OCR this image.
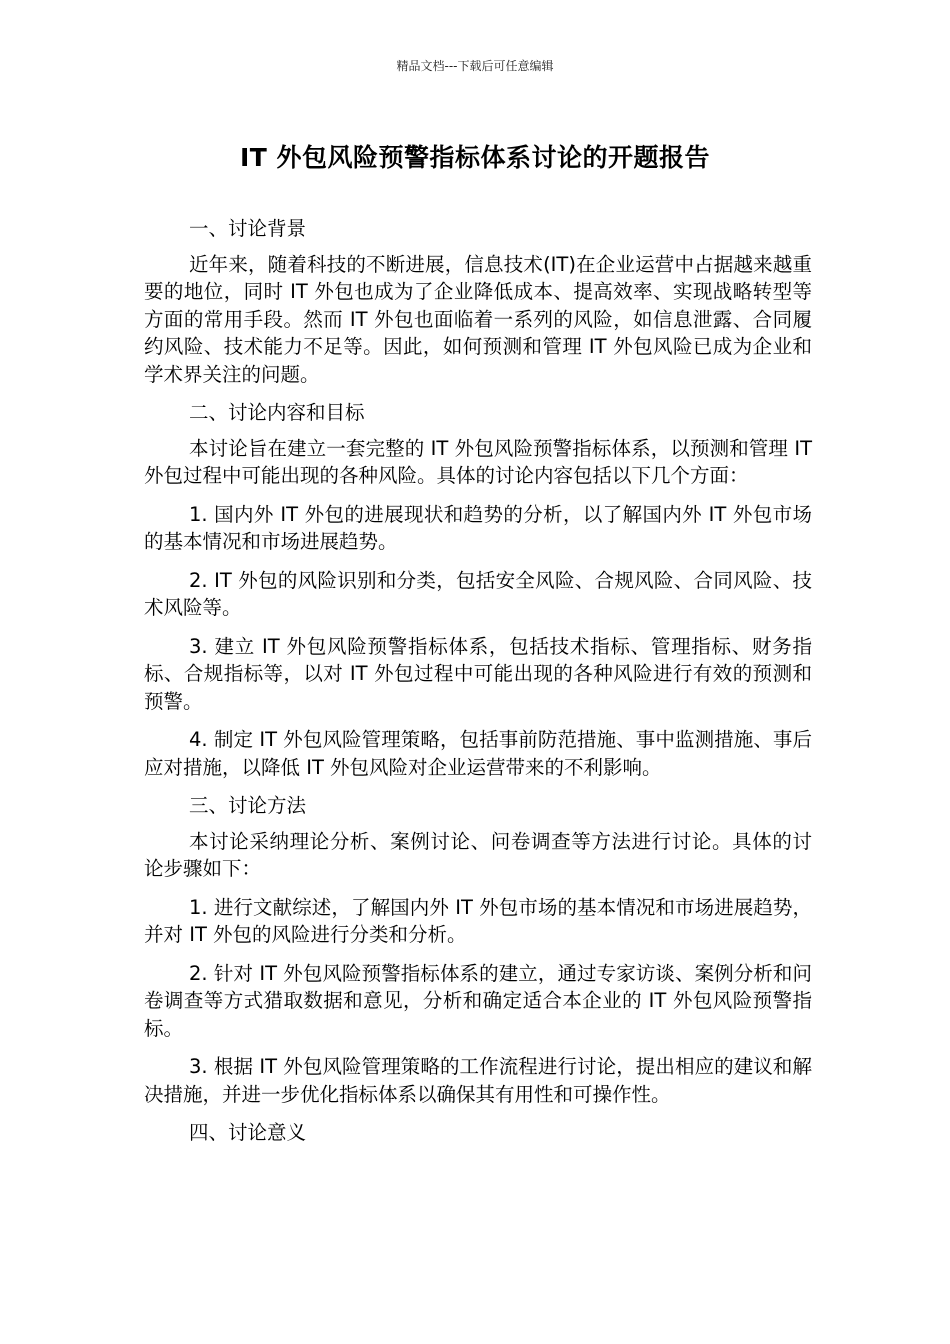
精品文档---下载后可任意编辑
IT 外包风险预警指标体系讨论的开题报告

一、讨论背景

近年来，随着科技的不断进展，信息技术(IT)在企业运营中占据越来越重要的地位，同时 IT 外包也成为了企业降低成本、提高效率、实现战略转型等方面的常用手段。然而 IT 外包也面临着一系列的风险，如信息泄露、合同履约风险、技术能力不足等。因此，如何预测和管理 IT 外包风险已成为企业和学术界关注的问题。

二、讨论内容和目标

本讨论旨在建立一套完整的 IT 外包风险预警指标体系，以预测和管理 IT 外包过程中可能出现的各种风险。具体的讨论内容包括以下几个方面：

1. 国内外 IT 外包的进展现状和趋势的分析，以了解国内外 IT 外包市场的基本情况和市场进展趋势。

2. IT 外包的风险识别和分类，包括安全风险、合规风险、合同风险、技术风险等。

3. 建立 IT 外包风险预警指标体系，包括技术指标、管理指标、财务指标、合规指标等，以对 IT 外包过程中可能出现的各种风险进行有效的预测和预警。

4. 制定 IT 外包风险管理策略，包括事前防范措施、事中监测措施、事后应对措施，以降低 IT 外包风险对企业运营带来的不利影响。

三、讨论方法

本讨论采纳理论分析、案例讨论、问卷调查等方法进行讨论。具体的讨论步骤如下：

1. 进行文献综述，了解国内外 IT 外包市场的基本情况和市场进展趋势，并对 IT 外包的风险进行分类和分析。

2. 针对 IT 外包风险预警指标体系的建立，通过专家访谈、案例分析和问卷调查等方式猎取数据和意见，分析和确定适合本企业的 IT 外包风险预警指标。

3. 根据 IT 外包风险管理策略的工作流程进行讨论，提出相应的建议和解决措施，并进一步优化指标体系以确保其有用性和可操作性。

四、讨论意义
